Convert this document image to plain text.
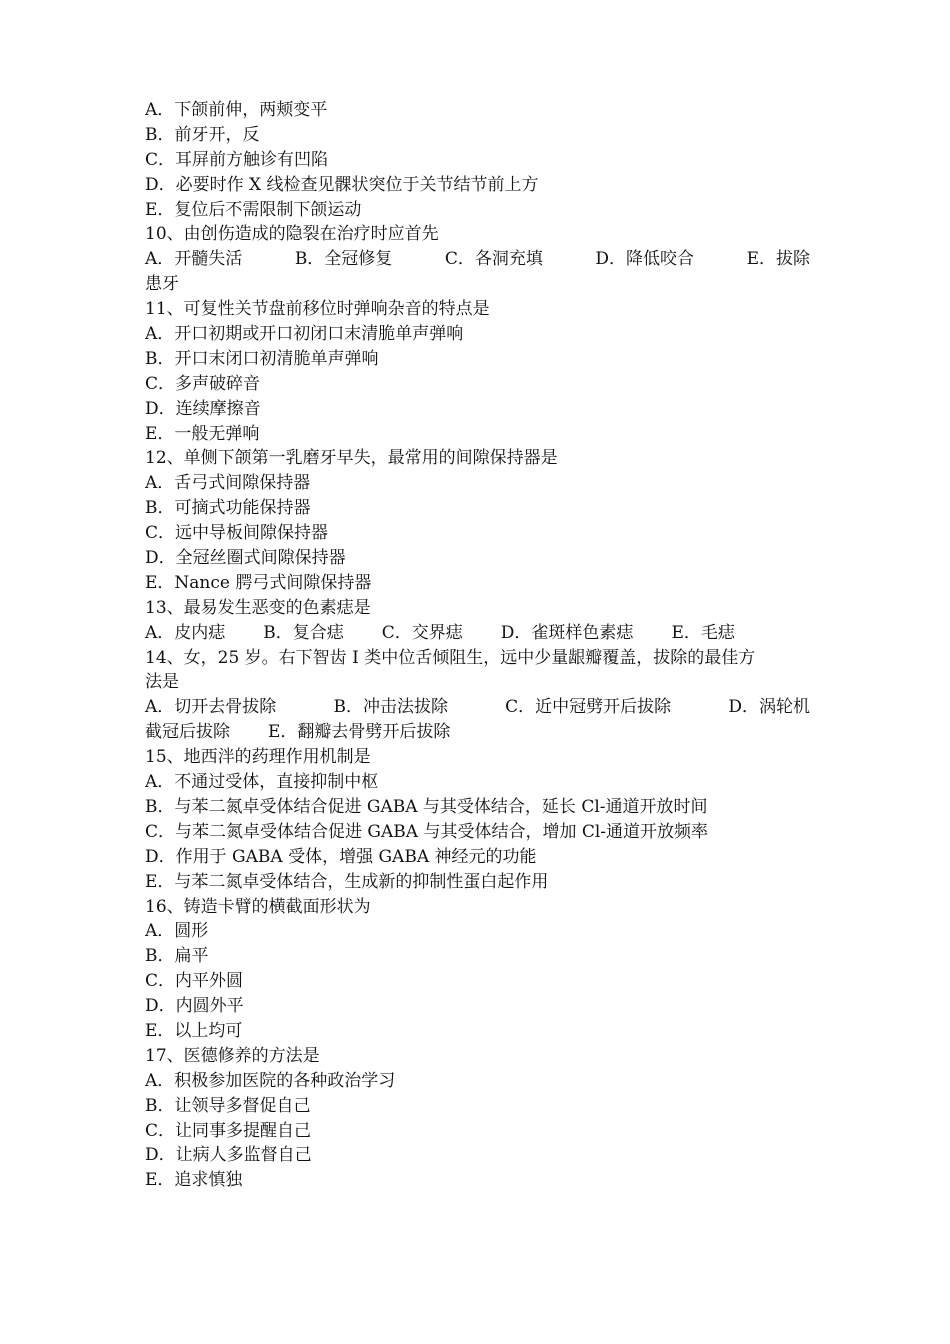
A．下颌前伸，两颊变平
B．前牙开，反
C．耳屏前方触诊有凹陷
D．必要时作 X 线检查见髁状突位于关节结节前上方
E．复位后不需限制下颌运动
10、由创伤造成的隐裂在治疗时应首先
A．开髓失活	B．全冠修复	C．各洞充填	D．降低咬合	E．拔除
患牙
11、可复性关节盘前移位时弹响杂音的特点是
A．开口初期或开口初闭口末清脆单声弹响
B．开口末闭口初清脆单声弹响
C．多声破碎音
D．连续摩擦音
E．一般无弹响
12、单侧下颌第一乳磨牙早失，最常用的间隙保持器是
A．舌弓式间隙保持器
B．可摘式功能保持器
C．远中导板间隙保持器
D．全冠丝圈式间隙保持器
E．Nance 腭弓式间隙保持器
13、最易发生恶变的色素痣是
A．皮内痣 B．复合痣 C．交界痣 D．雀斑样色素痣 E．毛痣
14、女，25 岁。右下智齿 I 类中位舌倾阻生，远中少量龈瓣覆盖，拔除的最佳方
法是
A．切开去骨拔除	B．冲击法拔除	C．近中冠劈开后拔除	D．涡轮机
截冠后拔除 E．翻瓣去骨劈开后拔除
15、地西泮的药理作用机制是
A．不通过受体，直接抑制中枢
B．与苯二氮卓受体结合促进 GABA 与其受体结合，延长 Cl-通道开放时间
C．与苯二氮卓受体结合促进 GABA 与其受体结合，增加 Cl-通道开放频率
D．作用于 GABA 受体，增强 GABA 神经元的功能
E．与苯二氮卓受体结合，生成新的抑制性蛋白起作用
16、铸造卡臂的横截面形状为
A．圆形
B．扁平
C．内平外圆
D．内圆外平
E．以上均可
17、医德修养的方法是
A．积极参加医院的各种政治学习
B．让领导多督促自己
C．让同事多提醒自己
D．让病人多监督自己
E．追求慎独
